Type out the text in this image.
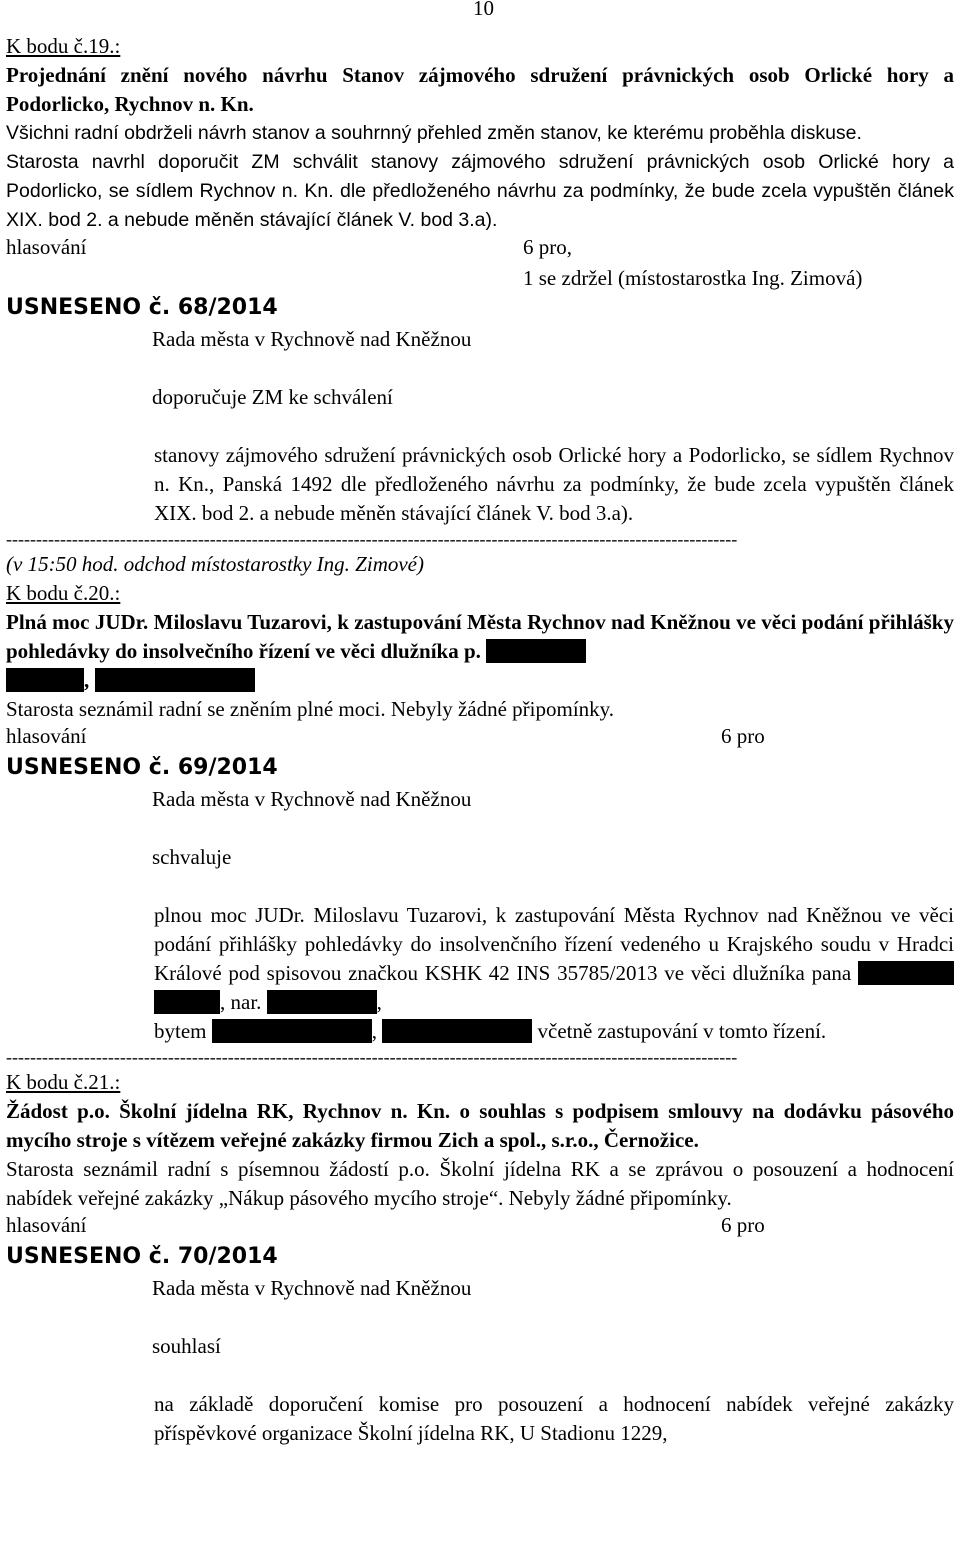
10

K bodu č.19.:

Projednání znění nového návrhu Stanov zájmového sdružení právnických osob Orlické hory a Podorlicko, Rychnov n. Kn.

Všichni radní obdrželi návrh stanov a souhrnný přehled změn stanov, ke kterému proběhla diskuse.

Starosta navrhl doporučit ZM schválit stanovy zájmového sdružení právnických osob Orlické hory a Podorlicko, se sídlem Rychnov n. Kn. dle předloženého návrhu za podmínky, že bude zcela vypuštěn článek XIX. bod 2. a nebude měněn stávající článek V. bod 3.a).

hlasování	6 pro,

1 se zdržel (místostarostka Ing. Zimová)

USNESENO č. 68/2014

Rada města v Rychnově nad Kněžnou

doporučuje ZM ke schválení

stanovy zájmového sdružení právnických osob Orlické hory a Podorlicko, se sídlem Rychnov n. Kn., Panská 1492 dle předloženého návrhu za podmínky, že bude zcela vypuštěn článek XIX. bod 2. a nebude měněn stávající článek V. bod 3.a).

--------------------------------------------------------------------------------------------------------------------------

(v 15:50 hod. odchod místostarostky Ing. Zimové)

K bodu č.20.:

Plná moc JUDr. Miloslavu Tuzarovi, k zastupování Města Rychnov nad Kněžnou ve věci podání přihlášky pohledávky do insolvečního řízení ve věci dlužníka p.
,

Starosta seznámil radní se zněním plné moci. Nebyly žádné připomínky.

hlasování	6 pro

USNESENO č. 69/2014

Rada města v Rychnově nad Kněžnou

schvaluje

plnou moc JUDr. Miloslavu Tuzarovi, k zastupování Města Rychnov nad Kněžnou ve věci podání přihlášky pohledávky do insolvenčního řízení vedeného u Krajského soudu v Hradci Králové pod spisovou značkou KSHK 42 INS 35785/2013 ve věci dlužníka pana  , nar.	,
bytem	,	včetně zastupování v tomto řízení.

--------------------------------------------------------------------------------------------------------------------------

K bodu č.21.:

Žádost p.o. Školní jídelna RK, Rychnov n. Kn. o souhlas s podpisem smlouvy na dodávku pásového mycího stroje s vítězem veřejné zakázky firmou Zich a spol., s.r.o., Černožice.

Starosta seznámil radní s písemnou žádostí p.o. Školní jídelna RK a se zprávou o posouzení a hodnocení nabídek veřejné zakázky „Nákup pásového mycího stroje“. Nebyly žádné připomínky.

hlasování	6 pro

USNESENO č. 70/2014

Rada města v Rychnově nad Kněžnou

souhlasí

na základě doporučení komise pro posouzení a hodnocení nabídek veřejné zakázky příspěvkové organizace Školní jídelna RK, U Stadionu 1229,
